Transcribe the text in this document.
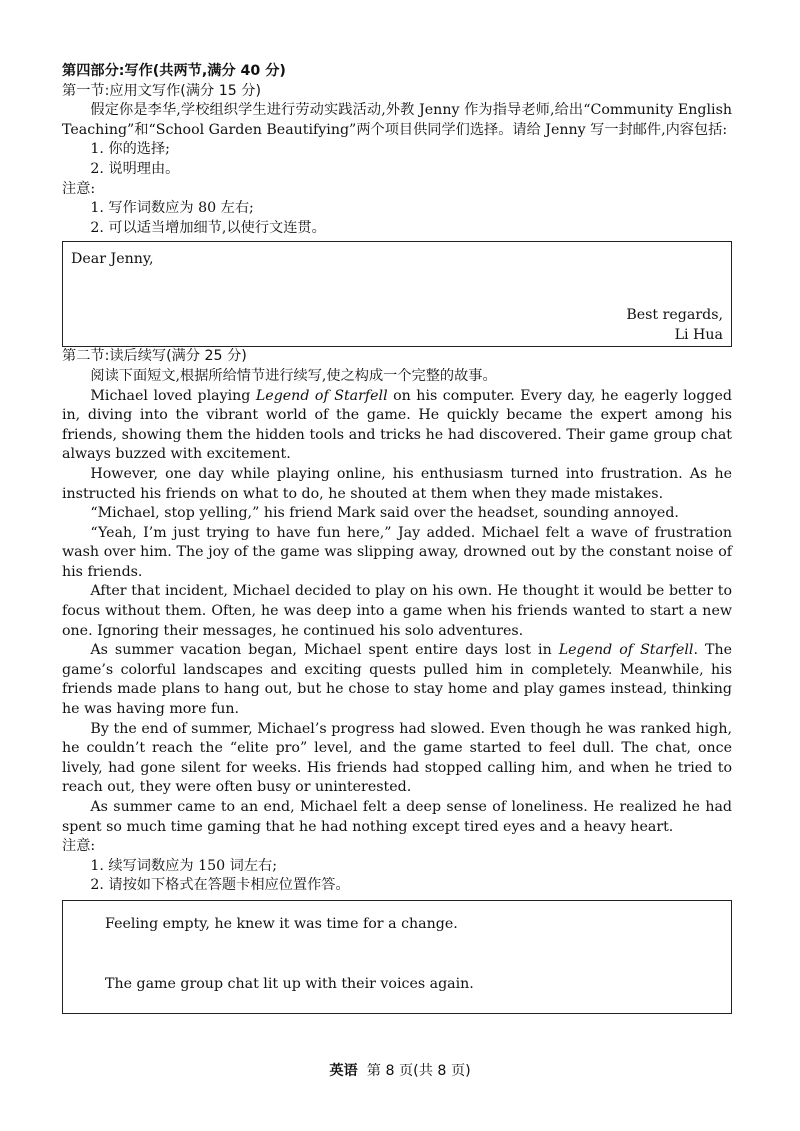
第四部分:写作(共两节,满分 40 分)

第一节:应用文写作(满分 15 分)

假定你是李华,学校组织学生进行劳动实践活动,外教 Jenny 作为指导老师,给出“Community English Teaching”和“School Garden Beautifying”两个项目供同学们选择。请给 Jenny 写一封邮件,内容包括:

1. 你的选择;

2. 说明理由。

注意:

1. 写作词数应为 80 左右;

2. 可以适当增加细节,以使行文连贯。

Dear Jenny,

Best regards,

Li Hua

第二节:读后续写(满分 25 分)

阅读下面短文,根据所给情节进行续写,使之构成一个完整的故事。

Michael loved playing Legend of Starfell on his computer. Every day, he eagerly logged in, diving into the vibrant world of the game. He quickly became the expert among his friends, showing them the hidden tools and tricks he had discovered. Their game group chat always buzzed with excitement.

However, one day while playing online, his enthusiasm turned into frustration. As he instructed his friends on what to do, he shouted at them when they made mistakes.

“Michael, stop yelling,” his friend Mark said over the headset, sounding annoyed.

“Yeah, I’m just trying to have fun here,” Jay added. Michael felt a wave of frustration wash over him. The joy of the game was slipping away, drowned out by the constant noise of his friends.

After that incident, Michael decided to play on his own. He thought it would be better to focus without them. Often, he was deep into a game when his friends wanted to start a new one. Ignoring their messages, he continued his solo adventures.

As summer vacation began, Michael spent entire days lost in Legend of Starfell. The game’s colorful landscapes and exciting quests pulled him in completely. Meanwhile, his friends made plans to hang out, but he chose to stay home and play games instead, thinking he was having more fun.

By the end of summer, Michael’s progress had slowed. Even though he was ranked high, he couldn’t reach the “elite pro” level, and the game started to feel dull. The chat, once lively, had gone silent for weeks. His friends had stopped calling him, and when he tried to reach out, they were often busy or uninterested.

As summer came to an end, Michael felt a deep sense of loneliness. He realized he had spent so much time gaming that he had nothing except tired eyes and a heavy heart.

注意:

1. 续写词数应为 150 词左右;

2. 请按如下格式在答题卡相应位置作答。

Feeling empty, he knew it was time for a change.

The game group chat lit up with their voices again.

英语 第 8 页(共 8 页)
